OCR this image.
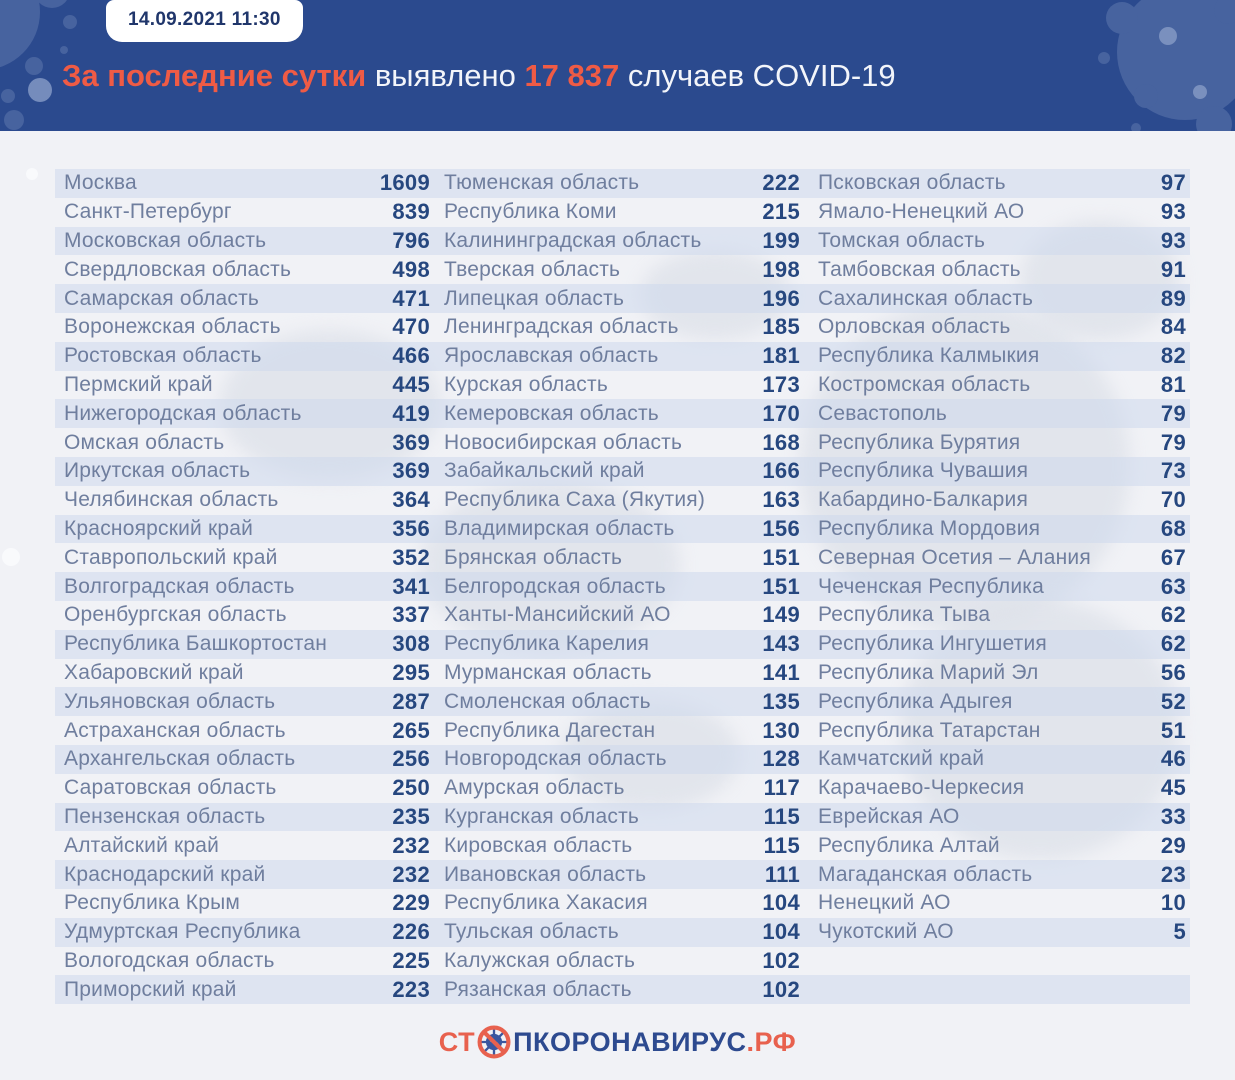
За последние сутки выявлено 17 837 случаев COVID-19
14.09.2021 11:30
Москва	1609 Тюменская область	222 Псковская область	97
Санкт-Петербург	839 Республика Коми	215 Ямало-Ненецкий АО	93
Московская область	796 Калининградская область	199 Томская область	93
Свердловская область	498 Тверская область	198 Тамбовская область	91
Самарская область	471 Липецкая область	196 Сахалинская область	89
Воронежская область	470 Ленинградская область	185 Орловская область	84
Ростовская область	466 Ярославская область	181 Республика Калмыкия	82
Пермский край	445 Курская область	173 Костромская область	81
Нижегородская область	419 Кемеровская область	170 Севастополь	79
Омская область	369 Новосибирская область	168 Республика Бурятия	79
Иркутская область	369 Забайкальский край	166 Республика Чувашия	73
Челябинская область	364 Республика Саха (Якутия)	163 Кабардино-Балкария	70
Красноярский край	356 Владимирская область	156 Республика Мордовия	68
Ставропольский край	352 Брянская область	151 Северная Осетия – Алания	67
Волгоградская область	341 Белгородская область	151 Чеченская Республика	63
Оренбургская область	337 Ханты-Мансийский АО	149 Республика Тыва	62
Республика Башкортостан	308 Республика Карелия	143 Республика Ингушетия	62
Хабаровский край	295 Мурманская область	141 Республика Марий Эл	56
Ульяновская область	287 Смоленская область	135 Республика Адыгея	52
Астраханская область	265 Республика Дагестан	130 Республика Татарстан	51
Архангельская область	256 Новгородская область	128 Камчатский край	46
Саратовская область	250 Амурская область	117 Карачаево-Черкесия	45
Пензенская область	235 Курганская область	115 Еврейская АО	33
Алтайский край	232 Кировская область	115 Республика Алтай	29
Краснодарский край	232 Ивановская область	111 Магаданская область	23
Республика Крым	229 Республика Хакасия	104 Ненецкий АО	10
Удмуртская Республика	226 Тульская область	104 Чукотский АО	5
Вологодская область	225 Калужская область	102
Приморский край	223 Рязанская область	102
СТ ПКОРОНАВИРУС .РФ
